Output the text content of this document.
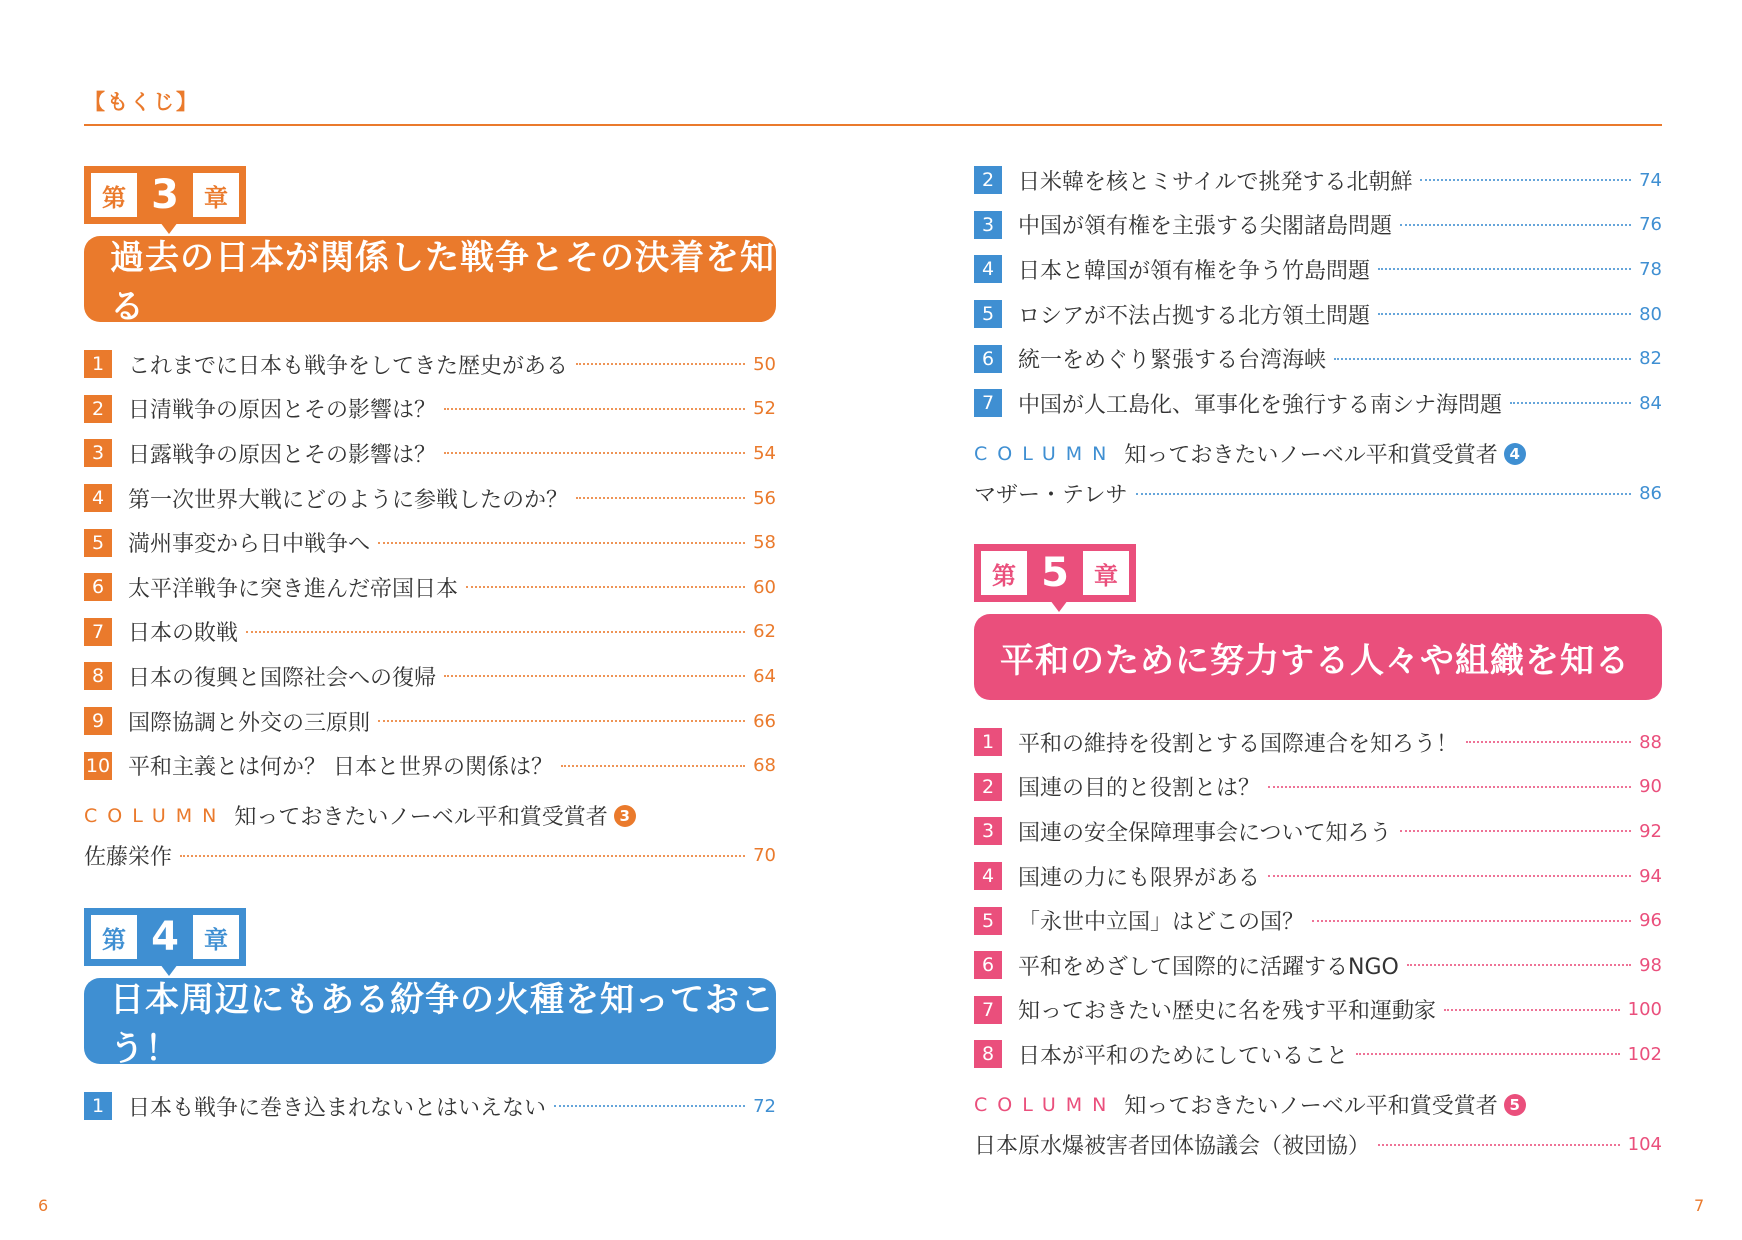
【もくじ】
第 3	章
過去の日本が関係した戦争とその決着を知る
1	これまでに日本も戦争をしてきた歴史がある	50
2	日清戦争の原因とその影響は？	52
3	日露戦争の原因とその影響は？	54
4	第一次世界大戦にどのように参戦したのか？	56
5	満州事変から日中戦争へ	58
6	太平洋戦争に突き進んだ帝国日本	60
7	日本の敗戦	62
8	日本の復興と国際社会への復帰	64
9	国際協調と外交の三原則	66
10 平和主義とは何か？ 日本と世界の関係は？	68
COLUMN 知っておきたいノーベル平和賞受賞者 3
佐藤栄作	70
第 4	章
日本周辺にもある紛争の火種を知っておこう！
1	日本も戦争に巻き込まれないとはいえない	72
2	日米韓を核とミサイルで挑発する北朝鮮	74
3	中国が領有権を主張する尖閣諸島問題	76
4	日本と韓国が領有権を争う竹島問題	78
5	ロシアが不法占拠する北方領土問題	80
6	統一をめぐり緊張する台湾海峡	82
7	中国が人工島化、軍事化を強行する南シナ海問題	84
COLUMN 知っておきたいノーベル平和賞受賞者 4
マザー・テレサ	86
第 5	章
平和のために努力する人々や組織を知る
1	平和の維持を役割とする国際連合を知ろう！	88
2	国連の目的と役割とは？	90
3	国連の安全保障理事会について知ろう	92
4	国連の力にも限界がある	94
5	「永世中立国」はどこの国？	96
6	平和をめざして国際的に活躍するNGO	98
7	知っておきたい歴史に名を残す平和運動家	100
8	日本が平和のためにしていること	102
COLUMN 知っておきたいノーベル平和賞受賞者 5
日本原水爆被害者団体協議会（被団協）	104
6	7
